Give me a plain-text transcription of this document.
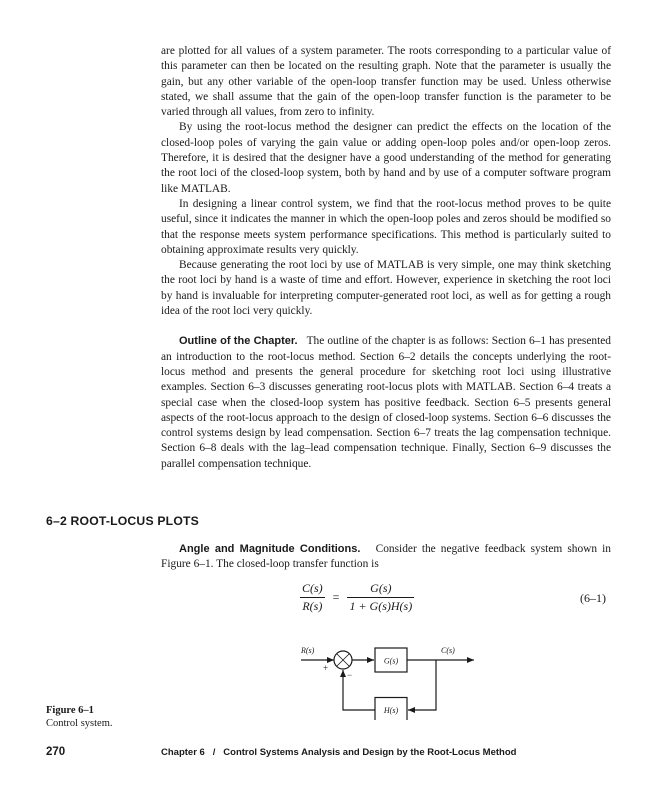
are plotted for all values of a system parameter. The roots corresponding to a particular value of this parameter can then be located on the resulting graph. Note that the parameter is usually the gain, but any other variable of the open-loop transfer function may be used. Unless otherwise stated, we shall assume that the gain of the open-loop transfer function is the parameter to be varied through all values, from zero to infinity.

By using the root-locus method the designer can predict the effects on the location of the closed-loop poles of varying the gain value or adding open-loop poles and/or open-loop zeros. Therefore, it is desired that the designer have a good understanding of the method for generating the root loci of the closed-loop system, both by hand and by use of a computer software program like MATLAB.

In designing a linear control system, we find that the root-locus method proves to be quite useful, since it indicates the manner in which the open-loop poles and zeros should be modified so that the response meets system performance specifications. This method is particularly suited to obtaining approximate results very quickly.

Because generating the root loci by use of MATLAB is very simple, one may think sketching the root loci by hand is a waste of time and effort. However, experience in sketching the root loci by hand is invaluable for interpreting computer-generated root loci, as well as for getting a rough idea of the root loci very quickly.

Outline of the Chapter. The outline of the chapter is as follows: Section 6–1 has presented an introduction to the root-locus method. Section 6–2 details the concepts underlying the root-locus method and presents the general procedure for sketching root loci using illustrative examples. Section 6–3 discusses generating root-locus plots with MATLAB. Section 6–4 treats a special case when the closed-loop system has positive feedback. Section 6–5 presents general aspects of the root-locus approach to the design of closed-loop systems. Section 6–6 discusses the control systems design by lead compensation. Section 6–7 treats the lag compensation technique. Section 6–8 deals with the lag–lead compensation technique. Finally, Section 6–9 discusses the parallel compensation technique.

6–2 ROOT-LOCUS PLOTS

Angle and Magnitude Conditions. Consider the negative feedback system shown in Figure 6–1. The closed-loop transfer function is

$\frac{C(s)}{R(s)} = \frac{G(s)}{1 + G(s)H(s)}$	(6–1)
R(s)	C(s)
+
−
G(s)
H(s)
Figure 6–1
Control system.
270	Chapter 6   /   Control Systems Analysis and Design by the Root-Locus Method
